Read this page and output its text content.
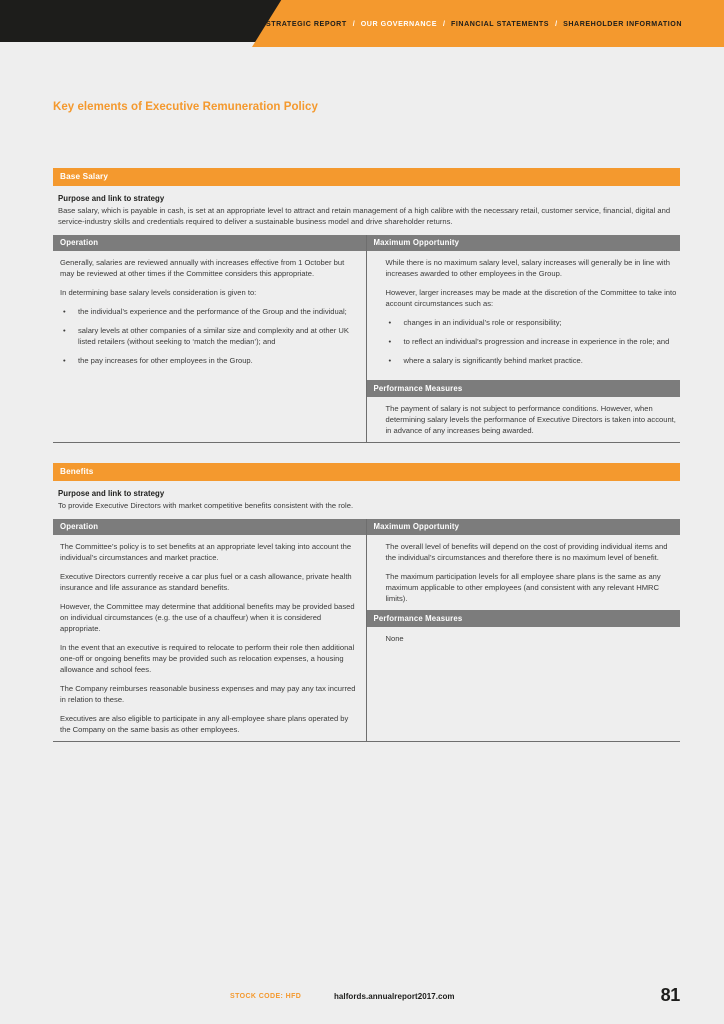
STRATEGIC REPORT / OUR GOVERNANCE / FINANCIAL STATEMENTS / SHAREHOLDER INFORMATION
Key elements of Executive Remuneration Policy
Base Salary
Purpose and link to strategy
Base salary, which is payable in cash, is set at an appropriate level to attract and retain management of a high calibre with the necessary retail, customer service, financial, digital and service-industry skills and credentials required to deliver a sustainable business model and drive shareholder returns.
Operation

Generally, salaries are reviewed annually with increases effective from 1 October but may be reviewed at other times if the Committee considers this appropriate.

In determining base salary levels consideration is given to:

• the individual’s experience and the performance of the Group and the individual;
• salary levels at other companies of a similar size and complexity and at other UK listed retailers (without seeking to ‘match the median’); and
• the pay increases for other employees in the Group.
Maximum Opportunity

While there is no maximum salary level, salary increases will generally be in line with increases awarded to other employees in the Group.

However, larger increases may be made at the discretion of the Committee to take into account circumstances such as:

• changes in an individual’s role or responsibility;
• to reflect an individual’s progression and increase in experience in the role; and
• where a salary is significantly behind market practice.
Performance Measures

The payment of salary is not subject to performance conditions. However, when determining salary levels the performance of Executive Directors is taken into account, in advance of any increases being awarded.

Benefits
Purpose and link to strategy
To provide Executive Directors with market competitive benefits consistent with the role.
Operation

The Committee’s policy is to set benefits at an appropriate level taking into account the individual’s circumstances and market practice.

Executive Directors currently receive a car plus fuel or a cash allowance, private health insurance and life assurance as standard benefits.

However, the Committee may determine that additional benefits may be provided based on individual circumstances (e.g. the use of a chauffeur) when it is considered appropriate.

In the event that an executive is required to relocate to perform their role then additional one-off or ongoing benefits may be provided such as relocation expenses, a housing allowance and school fees.

The Company reimburses reasonable business expenses and may pay any tax incurred in relation to these.

Executives are also eligible to participate in any all-employee share plans operated by the Company on the same basis as other employees.

Maximum Opportunity

The overall level of benefits will depend on the cost of providing individual items and the individual’s circumstances and therefore there is no maximum level of benefit.

The maximum participation levels for all employee share plans is the same as any maximum applicable to other employees (and consistent with any relevant HMRC limits).

Performance Measures

None

STOCK CODE: HFD	halfords.annualreport2017.com	81
